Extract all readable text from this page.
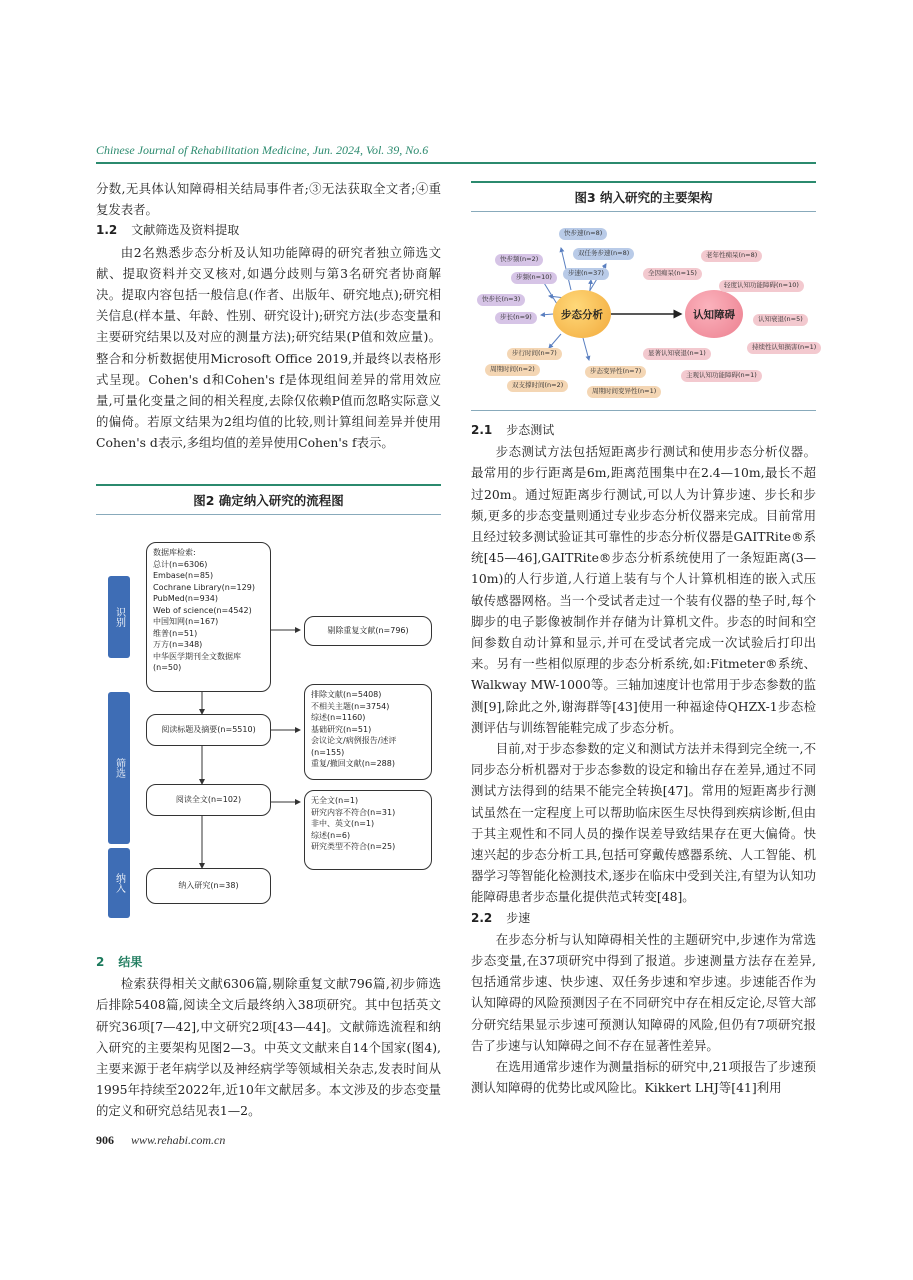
Chinese Journal of Rehabilitation Medicine, Jun. 2024, Vol. 39, No.6

分数,无具体认知障碍相关结局事件者;③无法获取全文者;④重复发表者。

1.2 文献筛选及资料提取

由2名熟悉步态分析及认知功能障碍的研究者独立筛选文献、提取资料并交叉核对,如遇分歧则与第3名研究者协商解决。提取内容包括一般信息(作者、出版年、研究地点);研究相关信息(样本量、年龄、性别、研究设计);研究方法(步态变量和主要研究结果以及对应的测量方法);研究结果(P值和效应量)。整合和分析数据使用Microsoft Office 2019,并最终以表格形式呈现。Cohen's d和Cohen's f是体现组间差异的常用效应量,可量化变量之间的相关程度,去除仅依赖P值而忽略实际意义的偏倚。若原文结果为2组均值的比较,则计算组间差异并使用Cohen's d表示,多组均值的差异使用Cohen's f表示。

图2 确定纳入研究的流程图
识别
筛选
纳入
数据库检索:
总计(n=6306)
Embase(n=85)
Cochrane Library(n=129)
PubMed(n=934)
Web of science(n=4542)
中国知网(n=167)
维普(n=51)
万方(n=348)
中华医学期刊全文数据库
(n=50)
剔除重复文献(n=796)
阅读标题及摘要(n=5510)
排除文献(n=5408)
不相关主题(n=3754)
综述(n=1160)
基础研究(n=51)
会议论文/病例报告/述评
(n=155)
重复/撤回文献(n=288)
阅读全文(n=102)	无全文(n=1)
研究内容不符合(n=31)
非中、英文(n=1)
综述(n=6)
研究类型不符合(n=25)
纳入研究(n=38)

2 结果

检索获得相关文献6306篇,剔除重复文献796篇,初步筛选后排除5408篇,阅读全文后最终纳入38项研究。其中包括英文研究36项[7—42],中文研究2项[43—44]。文献筛选流程和纳入研究的主要架构见图2—3。中英文文献来自14个国家(图4),主要来源于老年病学以及神经病学等领域相关杂志,发表时间从1995年持续至2022年,近10年文献居多。本文涉及的步态变量的定义和研究总结见表1—2。

图3 纳入研究的主要架构
步态分析	认知障碍
快步速(n=8)
快步频(n=2)
双任务步速(n=8)
步频(n=10)	步速(n=37)
快步长(n=3)
步长(n=9)
步行时间(n=7)
周期时间(n=2)	步态变异性(n=7)
双支撑时间(n=2)
周期时间变异性(n=1)
老年性痴呆(n=8)
全因痴呆(n=15)
轻度认知功能障碍(n=10)
认知衰退(n=5)
持续性认知损害(n=1)
显著认知衰退(n=1)
主观认知功能障碍(n=1)

2.1 步态测试

步态测试方法包括短距离步行测试和使用步态分析仪器。最常用的步行距离是6m,距离范围集中在2.4—10m,最长不超过20m。通过短距离步行测试,可以人为计算步速、步长和步频,更多的步态变量则通过专业步态分析仪器来完成。目前常用且经过较多测试验证其可靠性的步态分析仪器是GAITRite®系统[45—46],GAITRite®步态分析系统使用了一条短距离(3—10m)的人行步道,人行道上装有与个人计算机相连的嵌入式压敏传感器网格。当一个受试者走过一个装有仪器的垫子时,每个脚步的电子影像被制作并存储为计算机文件。步态的时间和空间参数自动计算和显示,并可在受试者完成一次试验后打印出来。另有一些相似原理的步态分析系统,如:Fitmeter®系统、Walkway MW-1000等。三轴加速度计也常用于步态参数的监测[9],除此之外,谢海群等[43]使用一种福途侍QHZX-1步态检测评估与训练智能鞋完成了步态分析。

目前,对于步态参数的定义和测试方法并未得到完全统一,不同步态分析机器对于步态参数的设定和输出存在差异,通过不同测试方法得到的结果不能完全转换[47]。常用的短距离步行测试虽然在一定程度上可以帮助临床医生尽快得到疾病诊断,但由于其主观性和不同人员的操作误差导致结果存在更大偏倚。快速兴起的步态分析工具,包括可穿戴传感器系统、人工智能、机器学习等智能化检测技术,逐步在临床中受到关注,有望为认知功能障碍患者步态量化提供范式转变[48]。

2.2 步速

在步态分析与认知障碍相关性的主题研究中,步速作为常选步态变量,在37项研究中得到了报道。步速测量方法存在差异,包括通常步速、快步速、双任务步速和窄步速。步速能否作为认知障碍的风险预测因子在不同研究中存在相反定论,尽管大部分研究结果显示步速可预测认知障碍的风险,但仍有7项研究报告了步速与认知障碍之间不存在显著性差异。

在选用通常步速作为测量指标的研究中,21项报告了步速预测认知障碍的优势比或风险比。Kikkert LHJ等[41]利用

906 www.rehabi.com.cn
